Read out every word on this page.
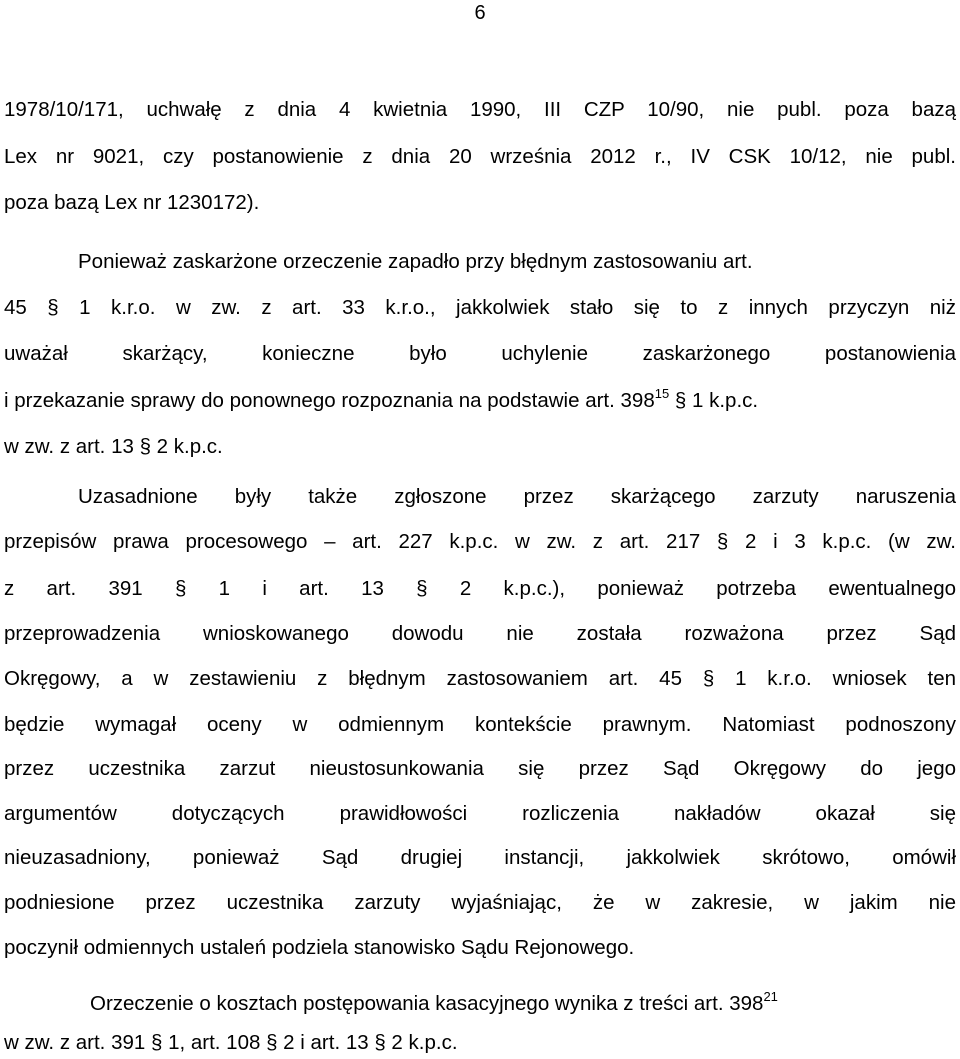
6
1978/10/171, uchwałę z dnia 4 kwietnia 1990, III CZP 10/90, nie publ. poza bazą
Lex nr 9021, czy postanowienie z dnia 20 września 2012 r., IV CSK 10/12, nie publ.
poza bazą Lex nr 1230172).
Ponieważ zaskarżone orzeczenie zapadło przy błędnym zastosowaniu art.
45 § 1 k.r.o. w zw. z art. 33 k.r.o., jakkolwiek stało się to z innych przyczyn niż
uważał skarżący, konieczne było uchylenie zaskarżonego postanowienia
i przekazanie sprawy do ponownego rozpoznania na podstawie art. $398^{15}$ § 1 k.p.c.
w zw. z art. 13 § 2 k.p.c.
Uzasadnione były także zgłoszone przez skarżącego zarzuty naruszenia
przepisów prawa procesowego – art. 227 k.p.c. w zw. z art. 217 § 2 i 3 k.p.c. (w zw.
z art. 391 § 1 i art. 13 § 2 k.p.c.), ponieważ potrzeba ewentualnego
przeprowadzenia wnioskowanego dowodu nie została rozważona przez Sąd
Okręgowy, a w zestawieniu z błędnym zastosowaniem art. 45 § 1 k.r.o. wniosek ten
będzie wymagał oceny w odmiennym kontekście prawnym. Natomiast podnoszony
przez uczestnika zarzut nieustosunkowania się przez Sąd Okręgowy do jego
argumentów dotyczących prawidłowości rozliczenia nakładów okazał się
nieuzasadniony, ponieważ Sąd drugiej instancji, jakkolwiek skrótowo, omówił
podniesione przez uczestnika zarzuty wyjaśniając, że w zakresie, w jakim nie
poczynił odmiennych ustaleń podziela stanowisko Sądu Rejonowego.
Orzeczenie o kosztach postępowania kasacyjnego wynika z treści art. $398^{21}$
w zw. z art. 391 § 1, art. 108 § 2 i art. 13 § 2 k.p.c.
